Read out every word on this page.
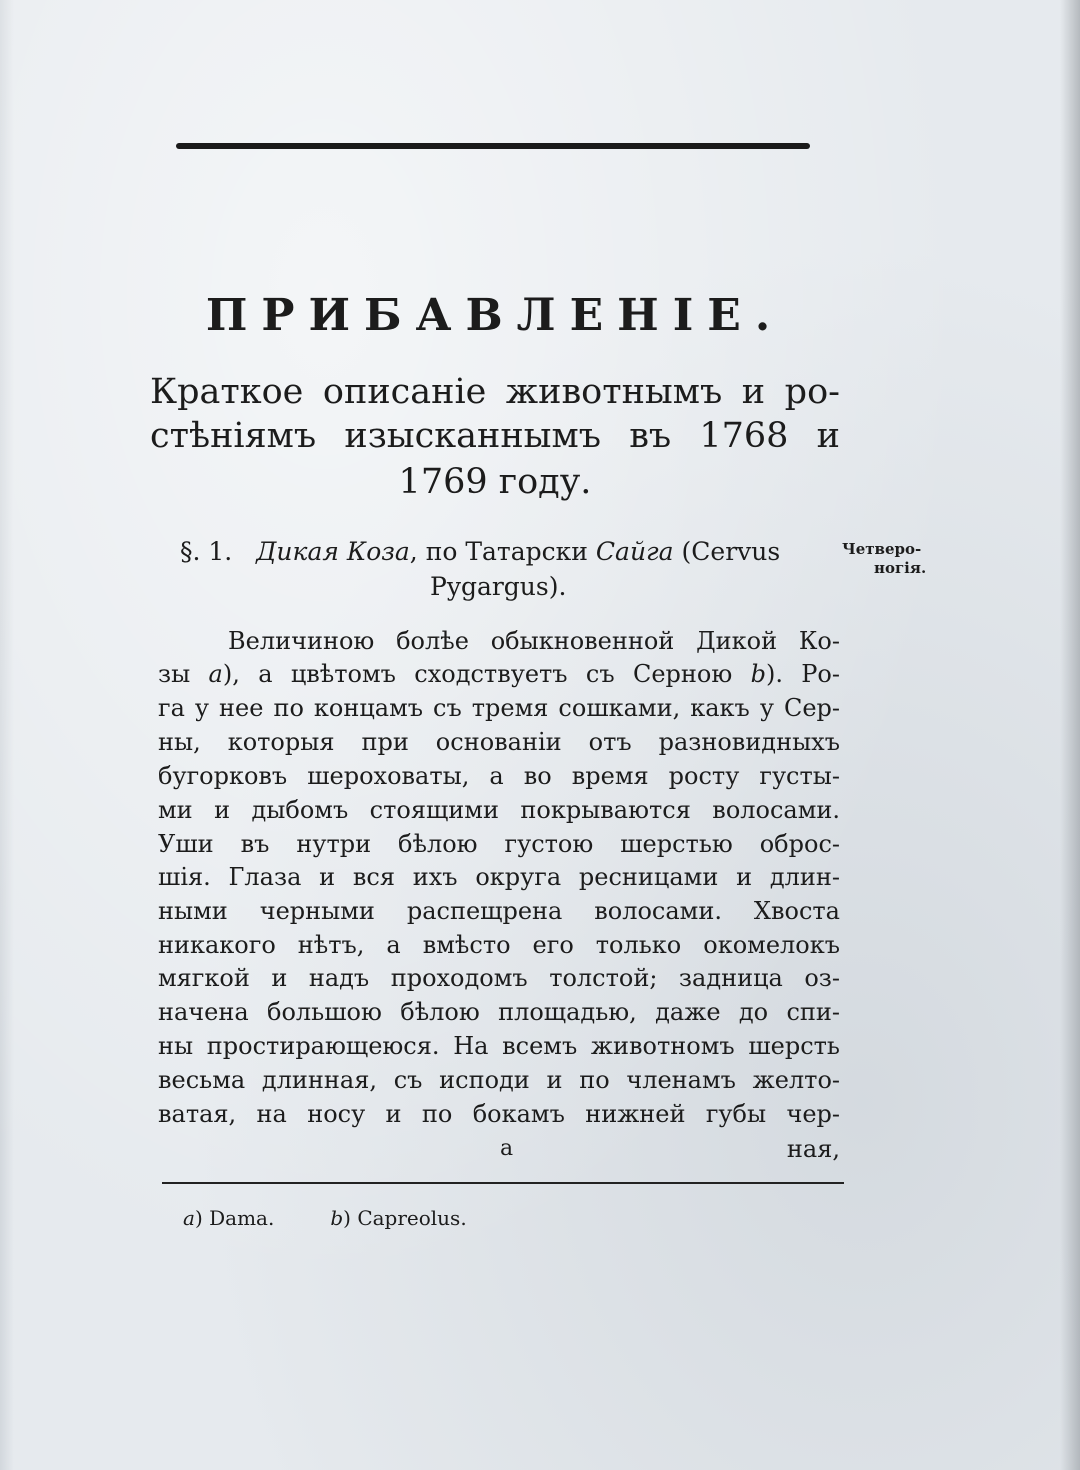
ПРИБАВЛЕНІЕ.
Краткое описаніе животнымъ и ро-
стѣніямъ изысканнымъ въ 1768 и
1769 году.
§. 1. Дикая Коза, по Татарски Сайга (Cervus
Pygargus).
Четверо-
ногія.
Величиною болѣе обыкновенной Дикой Ко-
зы a), а цвѣтомъ сходствуетъ съ Серною b). Ро-
га у нее по концамъ съ тремя сошками, какъ у Сер-
ны, которыя при основаніи отъ разновидныхъ
бугорковъ шероховаты, а во время росту густы-
ми и дыбомъ стоящими покрываются волосами.
Уши въ нутри бѣлою густою шерстью оброс-
шія. Глаза и вся ихъ округа ресницами и длин-
ными черными распещрена волосами. Хвоста
никакого нѣтъ, а вмѣсто его только окомелокъ
мягкой и надъ проходомъ толстой; задница оз-
начена большою бѣлою площадью, даже до спи-
ны простирающеюся. На всемъ животномъ шерсть
весьма длинная, съ исподи и по членамъ желто-
ватая, на носу и по бокамъ нижней губы чер-
а	ная,
a) Dama.	b) Capreolus.
